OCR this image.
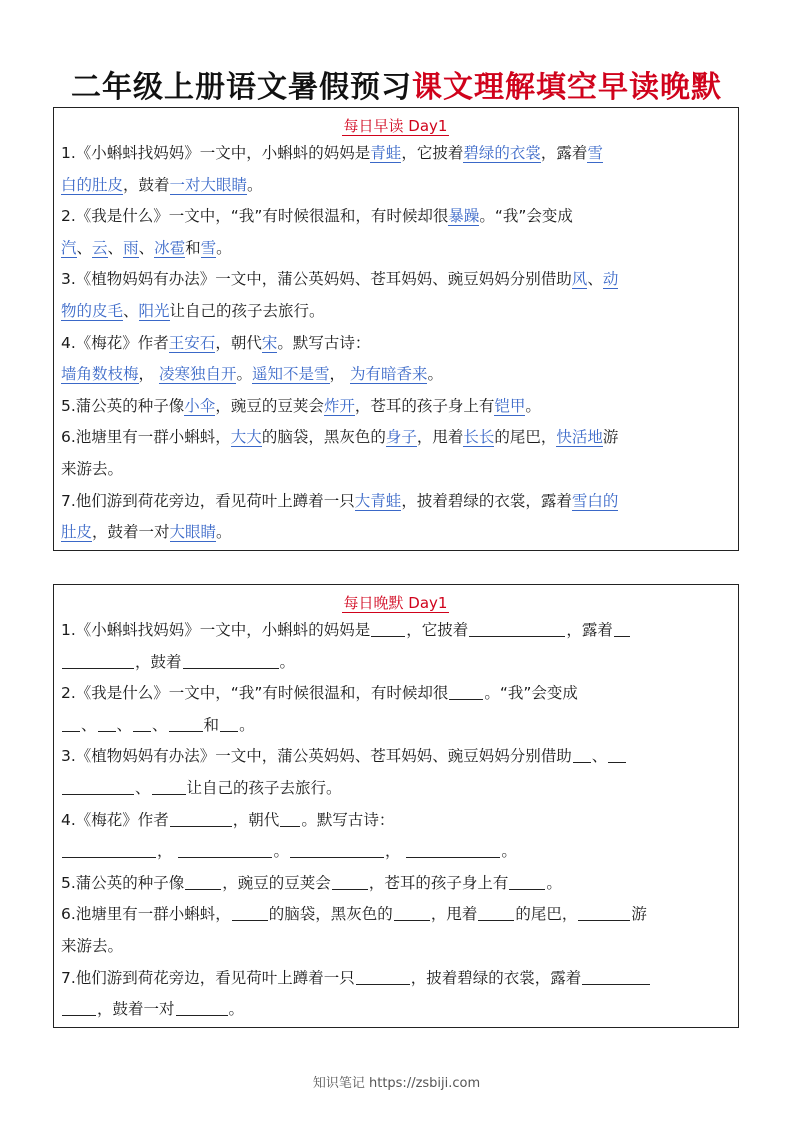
二年级上册语文暑假预习课文理解填空早读晚默
每日早读 Day1
1.《小蝌蚪找妈妈》一文中，小蝌蚪的妈妈是青蛙，它披着碧绿的衣裳，露着雪
白的肚皮，鼓着一对大眼睛。
2.《我是什么》一文中，“我”有时候很温和，有时候却很暴躁。“我”会变成
汽、云、雨、冰雹和雪。
3.《植物妈妈有办法》一文中，蒲公英妈妈、苍耳妈妈、豌豆妈妈分别借助风、动
物的皮毛、阳光让自己的孩子去旅行。
4.《梅花》作者王安石，朝代宋。默写古诗：
墙角数枝梅， 凌寒独自开。遥知不是雪， 为有暗香来。
5.蒲公英的种子像小伞，豌豆的豆荚会炸开，苍耳的孩子身上有铠甲。
6.池塘里有一群小蝌蚪，大大的脑袋，黑灰色的身子，甩着长长的尾巴，快活地游
来游去。
7.他们游到荷花旁边，看见荷叶上蹲着一只大青蛙，披着碧绿的衣裳，露着雪白的
肚皮，鼓着一对大眼睛。
每日晚默 Day1
1.《小蝌蚪找妈妈》一文中，小蝌蚪的妈妈是 ，它披着	，露着
，鼓着	。
2.《我是什么》一文中，“我”有时候很温和，有时候却很 。“我”会变成
、 、 、 和 。
3.《植物妈妈有办法》一文中，蒲公英妈妈、苍耳妈妈、豌豆妈妈分别借助 、
、 让自己的孩子去旅行。
4.《梅花》作者	，朝代 。默写古诗：
，	。	，	。
5.蒲公英的种子像 ，豌豆的豆荚会 ，苍耳的孩子身上有 。
6.池塘里有一群小蝌蚪， 的脑袋，黑灰色的 ，甩着 的尾巴，	游
来游去。
7.他们游到荷花旁边，看见荷叶上蹲着一只	，披着碧绿的衣裳，露着
，鼓着一对	。
知识笔记 https://zsbiji.com
